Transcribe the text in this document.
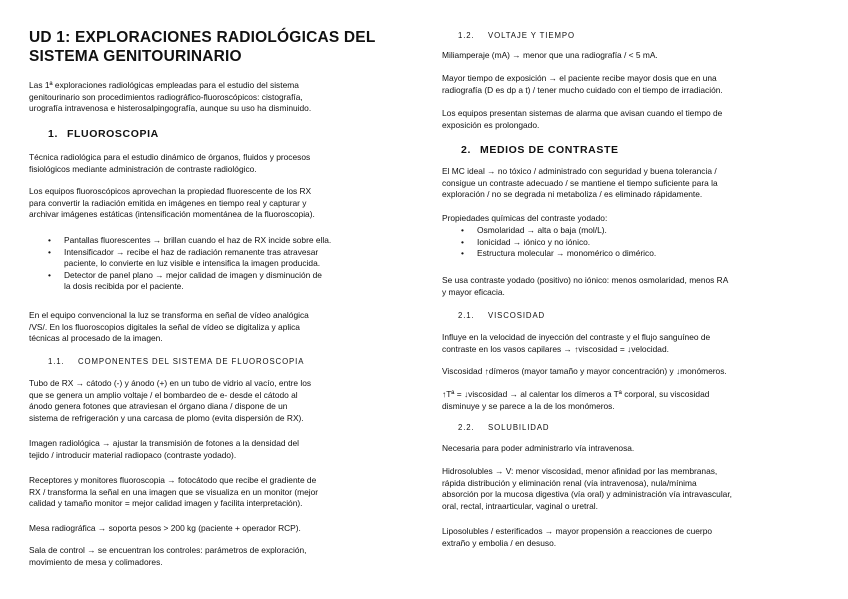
UD 1: EXPLORACIONES RADIOLÓGICAS DEL
SISTEMA GENITOURINARIO
Las 1ª exploraciones radiológicas empleadas para el estudio del sistema
genitourinario son procedimientos radiográfico-fluoroscópicos: cistografía,
urografía intravenosa e histerosalpingografía, aunque su uso ha disminuido.
1. FLUOROSCOPIA
Técnica radiológica para el estudio dinámico de órganos, fluidos y procesos
fisiológicos mediante administración de contraste radiológico.
Los equipos fluoroscópicos aprovechan la propiedad fluorescente de los RX
para convertir la radiación emitida en imágenes en tiempo real y capturar y
archivar imágenes estáticas (intensificación momentánea de la fluoroscopia).
• Pantallas fluorescentes → brillan cuando el haz de RX incide sobre ella.
• Intensificador → recibe el haz de radiación remanente tras atravesar
paciente, lo convierte en luz visible e intensifica la imagen producida.
• Detector de panel plano → mejor calidad de imagen y disminución de
la dosis recibida por el paciente.
En el equipo convencional la luz se transforma en señal de vídeo analógica
/VS/. En los fluoroscopios digitales la señal de vídeo se digitaliza y aplica
técnicas al procesado de la imagen.
1.1. COMPONENTES DEL SISTEMA DE FLUOROSCOPIA
Tubo de RX → cátodo (-) y ánodo (+) en un tubo de vidrio al vacío, entre los
que se genera un amplio voltaje / el bombardeo de e- desde el cátodo al
ánodo genera fotones que atraviesan el órgano diana / dispone de un
sistema de refrigeración y una carcasa de plomo (evita dispersión de RX).
Imagen radiológica → ajustar la transmisión de fotones a la densidad del
tejido / introducir material radiopaco (contraste yodado).
Receptores y monitores fluoroscopia → fotocátodo que recibe el gradiente de
RX / transforma la señal en una imagen que se visualiza en un monitor (mejor
calidad y tamaño monitor = mejor calidad imagen y facilita interpretación).
Mesa radiográfica → soporta pesos > 200 kg (paciente + operador RCP).
Sala de control → se encuentran los controles: parámetros de exploración,
movimiento de mesa y colimadores.
1.2. VOLTAJE Y TIEMPO
Miliamperaje (mA) → menor que una radiografía / < 5 mA.
Mayor tiempo de exposición → el paciente recibe mayor dosis que en una
radiografía (D es dp a t) / tener mucho cuidado con el tiempo de irradiación.
Los equipos presentan sistemas de alarma que avisan cuando el tiempo de
exposición es prolongado.
2. MEDIOS DE CONTRASTE
El MC ideal → no tóxico / administrado con seguridad y buena tolerancia /
consigue un contraste adecuado / se mantiene el tiempo suficiente para la
exploración / no se degrada ni metaboliza / es eliminado rápidamente.
Propiedades químicas del contraste yodado:
• Osmolaridad → alta o baja (mol/L).
• Ionicidad → iónico y no iónico.
• Estructura molecular → monomérico o dimérico.
Se usa contraste yodado (positivo) no iónico: menos osmolaridad, menos RA
y mayor eficacia.
2.1. VISCOSIDAD
Influye en la velocidad de inyección del contraste y el flujo sanguíneo de
contraste en los vasos capilares → ↑viscosidad = ↓velocidad.
Viscosidad ↑dímeros (mayor tamaño y mayor concentración) y ↓monómeros.
↑Tª = ↓viscosidad → al calentar los dímeros a Tª corporal, su viscosidad
disminuye y se parece a la de los monómeros.
2.2. SOLUBILIDAD
Necesaria para poder administrarlo vía intravenosa.
Hidrosolubles → V: menor viscosidad, menor afinidad por las membranas,
rápida distribución y eliminación renal (vía intravenosa), nula/mínima
absorción por la mucosa digestiva (vía oral) y administración vía intravascular,
oral, rectal, intraarticular, vaginal o uretral.
Liposolubles / esterificados → mayor propensión a reacciones de cuerpo
extraño y embolia / en desuso.
